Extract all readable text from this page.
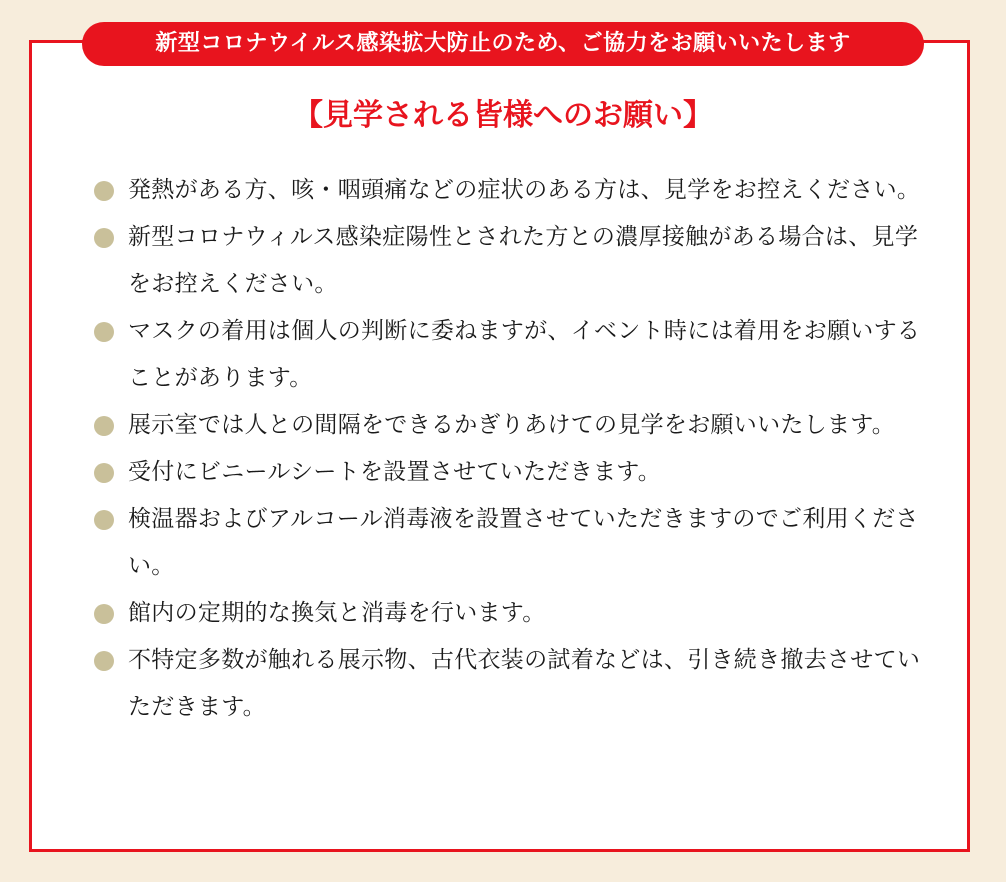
新型コロナウイルス感染拡大防止のため、ご協力をお願いいたします
【見学される皆様へのお願い】
発熱がある方、咳・咽頭痛などの症状のある方は、見学をお控えください。
新型コロナウィルス感染症陽性とされた方との濃厚接触がある場合は、見学をお控えください。
マスクの着用は個人の判断に委ねますが、イベント時には着用をお願いすることがあります。
展示室では人との間隔をできるかぎりあけての見学をお願いいたします。
受付にビニールシートを設置させていただきます。
検温器およびアルコール消毒液を設置させていただきますのでご利用ください。
館内の定期的な換気と消毒を行います。
不特定多数が触れる展示物、古代衣装の試着などは、引き続き撤去させていただきます。
